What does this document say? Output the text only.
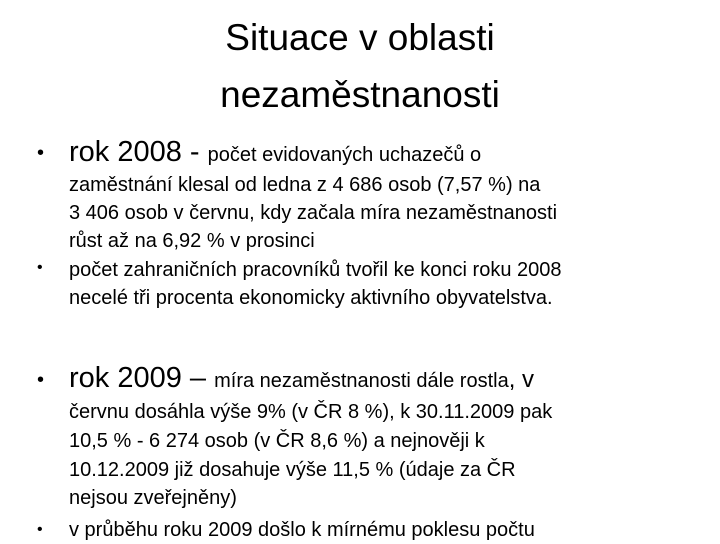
Situace v oblasti
nezaměstnanosti
• rok 2008 - počet evidovaných uchazečů o
zaměstnání klesal od ledna z 4 686 osob (7,57 %) na
3 406 osob v červnu, kdy začala míra nezaměstnanosti
růst až na 6,92 % v prosinci
• počet zahraničních pracovníků tvořil ke konci roku 2008
necelé tři procenta ekonomicky aktivního obyvatelstva.
• rok 2009 – míra nezaměstnanosti dále rostla, v
červnu dosáhla výše 9% (v ČR 8 %), k 30.11.2009 pak
10,5 % - 6 274 osob (v ČR 8,6 %) a nejnověji k
10.12.2009 již dosahuje výše 11,5 % (údaje za ČR
nejsou zveřejněny)
• v průběhu roku 2009 došlo k mírnému poklesu počtu
